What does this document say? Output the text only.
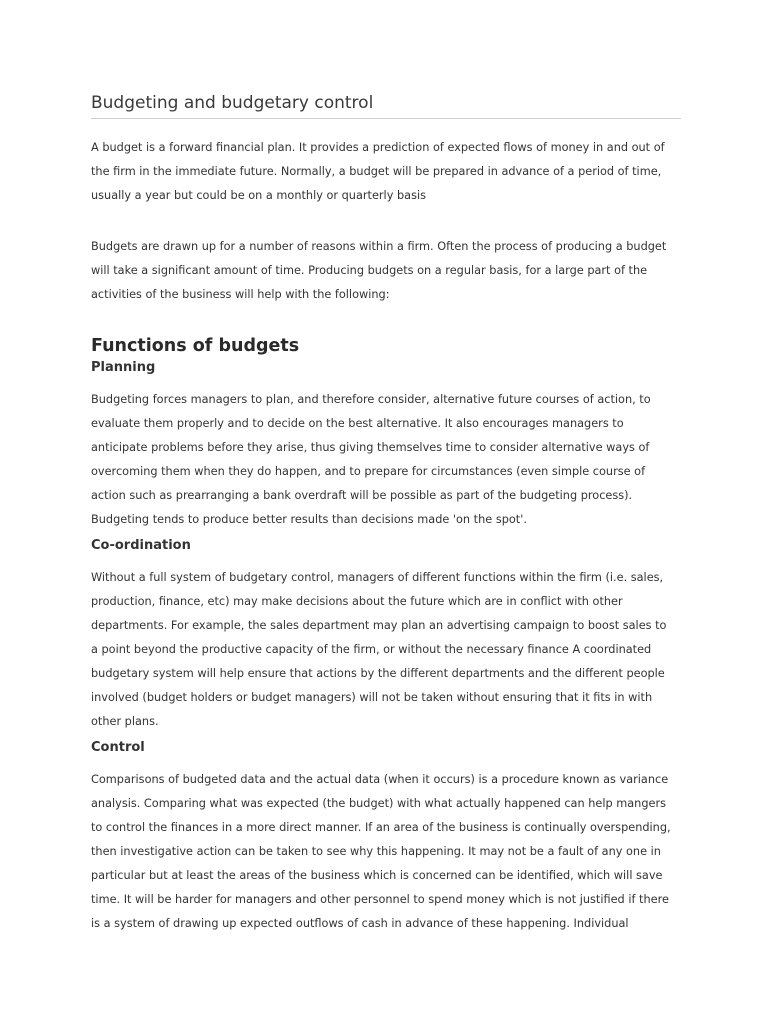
Budgeting and budgetary control

A budget is a forward financial plan. It provides a prediction of expected flows of money in and out of
the firm in the immediate future. Normally, a budget will be prepared in advance of a period of time,
usually a year but could be on a monthly or quarterly basis

Budgets are drawn up for a number of reasons within a firm. Often the process of producing a budget
will take a significant amount of time. Producing budgets on a regular basis, for a large part of the
activities of the business will help with the following:

Functions of budgets
Planning

Budgeting forces managers to plan, and therefore consider, alternative future courses of action, to
evaluate them properly and to decide on the best alternative. It also encourages managers to
anticipate problems before they arise, thus giving themselves time to consider alternative ways of
overcoming them when they do happen, and to prepare for circumstances (even simple course of
action such as prearranging a bank overdraft will be possible as part of the budgeting process).
Budgeting tends to produce better results than decisions made 'on the spot'.

Co-ordination

Without a full system of budgetary control, managers of different functions within the firm (i.e. sales,
production, finance, etc) may make decisions about the future which are in conflict with other
departments. For example, the sales department may plan an advertising campaign to boost sales to
a point beyond the productive capacity of the firm, or without the necessary finance A coordinated
budgetary system will help ensure that actions by the different departments and the different people
involved (budget holders or budget managers) will not be taken without ensuring that it fits in with
other plans.

Control

Comparisons of budgeted data and the actual data (when it occurs) is a procedure known as variance
analysis. Comparing what was expected (the budget) with what actually happened can help mangers
to control the finances in a more direct manner. If an area of the business is continually overspending,
then investigative action can be taken to see why this happening. It may not be a fault of any one in
particular but at least the areas of the business which is concerned can be identified, which will save
time. It will be harder for managers and other personnel to spend money which is not justified if there
is a system of drawing up expected outflows of cash in advance of these happening. Individual
